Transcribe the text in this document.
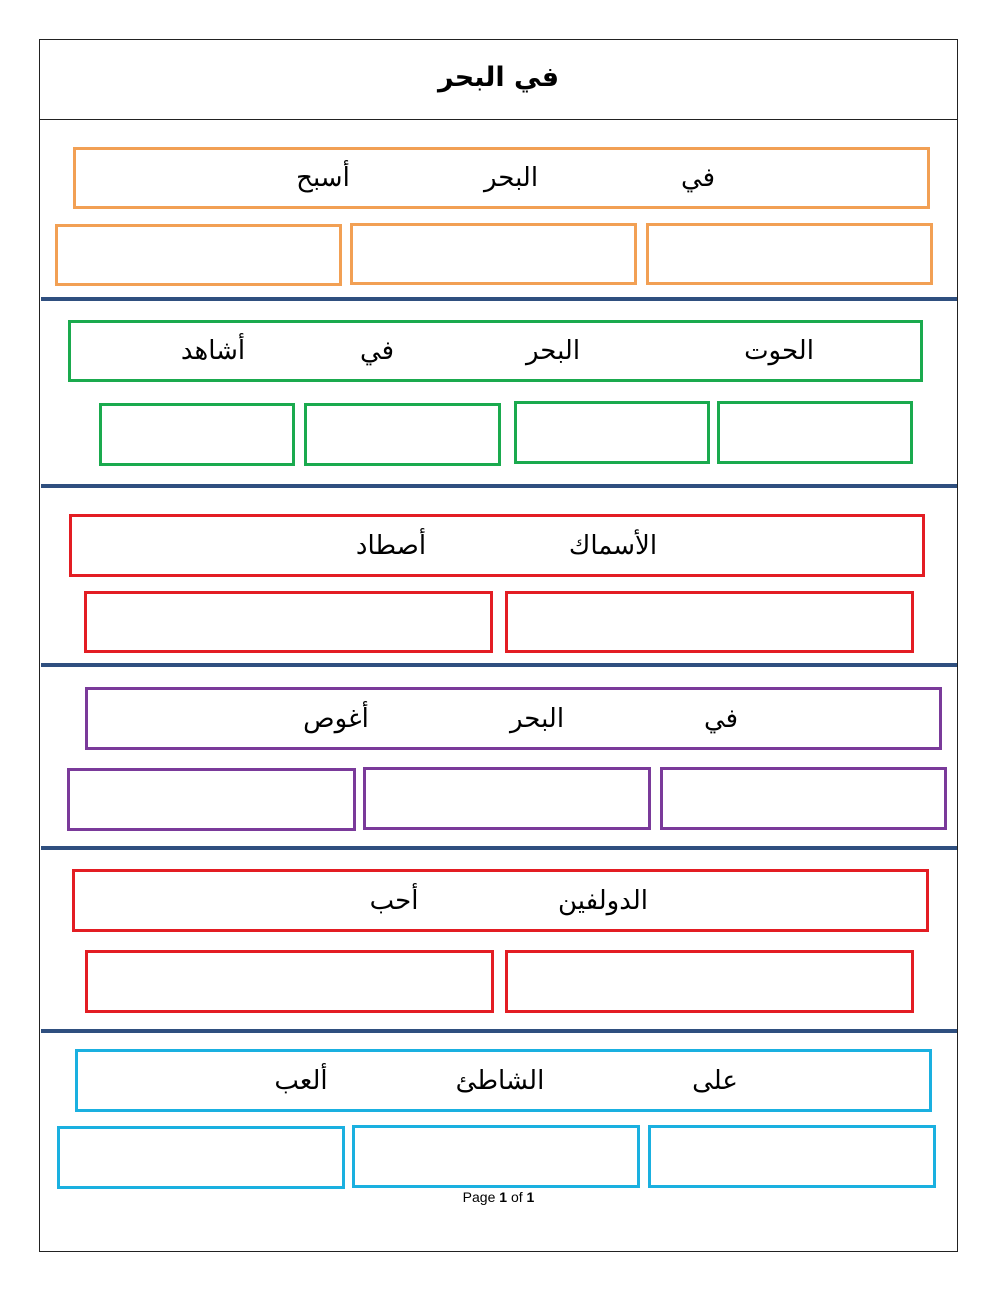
في البحر
في
البحر
أسبح
الحوت
البحر
في
أشاهد
الأسماك
أصطاد
في
البحر
أغوص
الدولفين
أحب
على
الشاطئ
ألعب
Page 1 of 1
